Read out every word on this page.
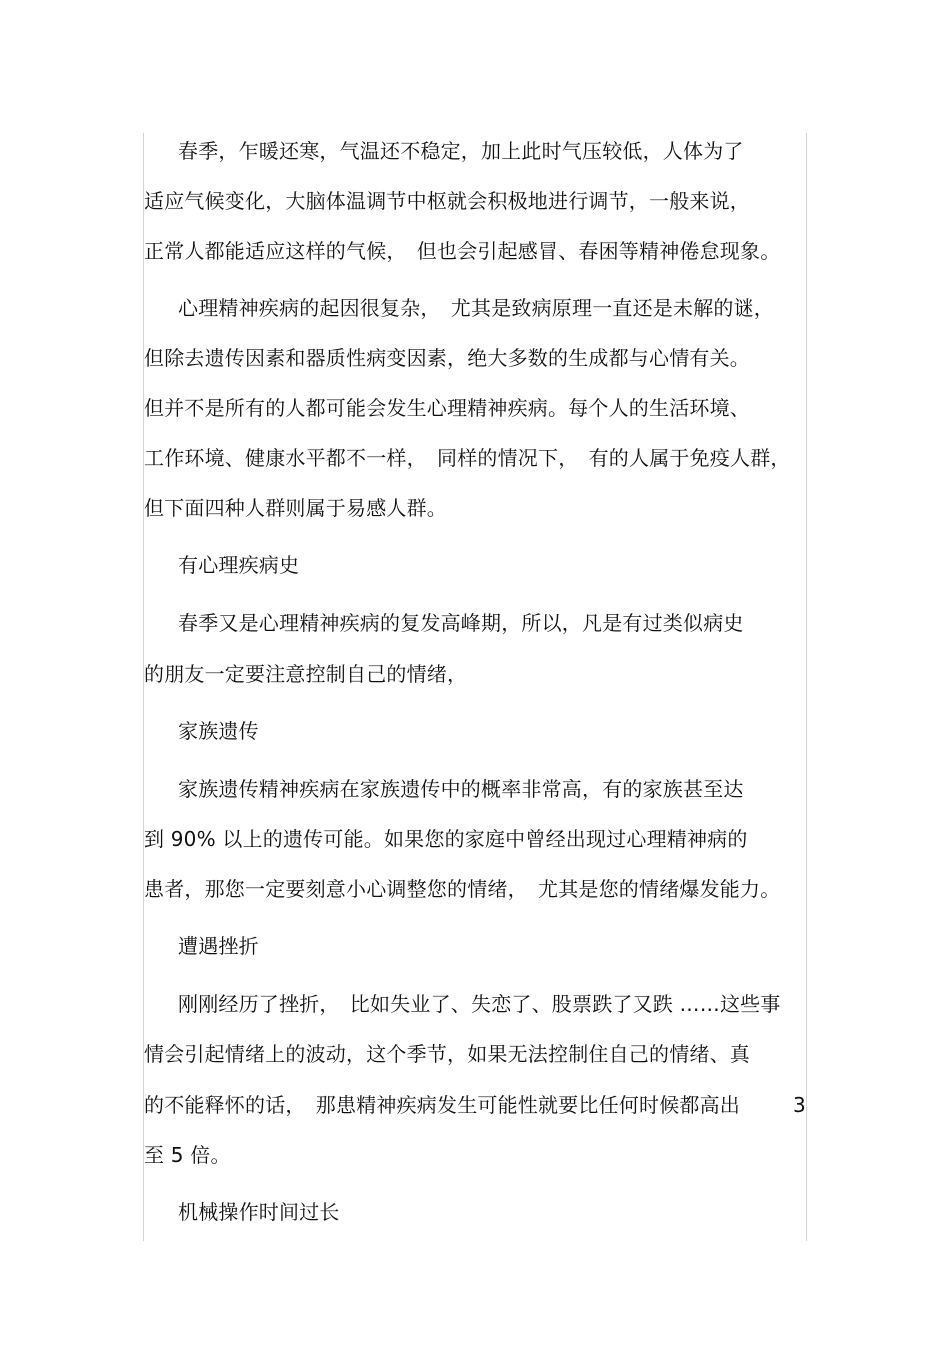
春季，乍暖还寒，气温还不稳定，加上此时气压较低，人体为了
适应气候变化，大脑体温调节中枢就会积极地进行调节，一般来说，
正常人都能适应这样的气候，　但也会引起感冒、春困等精神倦怠现象。
心理精神疾病的起因很复杂，　尤其是致病原理一直还是未解的谜，
但除去遗传因素和器质性病变因素，绝大多数的生成都与心情有关。
但并不是所有的人都可能会发生心理精神疾病。每个人的生活环境、
工作环境、健康水平都不一样，　同样的情况下，　有的人属于免疫人群，
但下面四种人群则属于易感人群。
有心理疾病史
春季又是心理精神疾病的复发高峰期，所以，凡是有过类似病史
的朋友一定要注意控制自己的情绪，
家族遗传
家族遗传精神疾病在家族遗传中的概率非常高，有的家族甚至达
到 90% 以上的遗传可能。如果您的家庭中曾经出现过心理精神病的
患者，那您一定要刻意小心调整您的情绪，　尤其是您的情绪爆发能力。
遭遇挫折
刚刚经历了挫折，　比如失业了、失恋了、股票跌了又跌 ……这些事
情会引起情绪上的波动，这个季节，如果无法控制住自己的情绪、真
的不能释怀的话，　那患精神疾病发生可能性就要比任何时候都高出	3
至 5 倍。
机械操作时间过长
